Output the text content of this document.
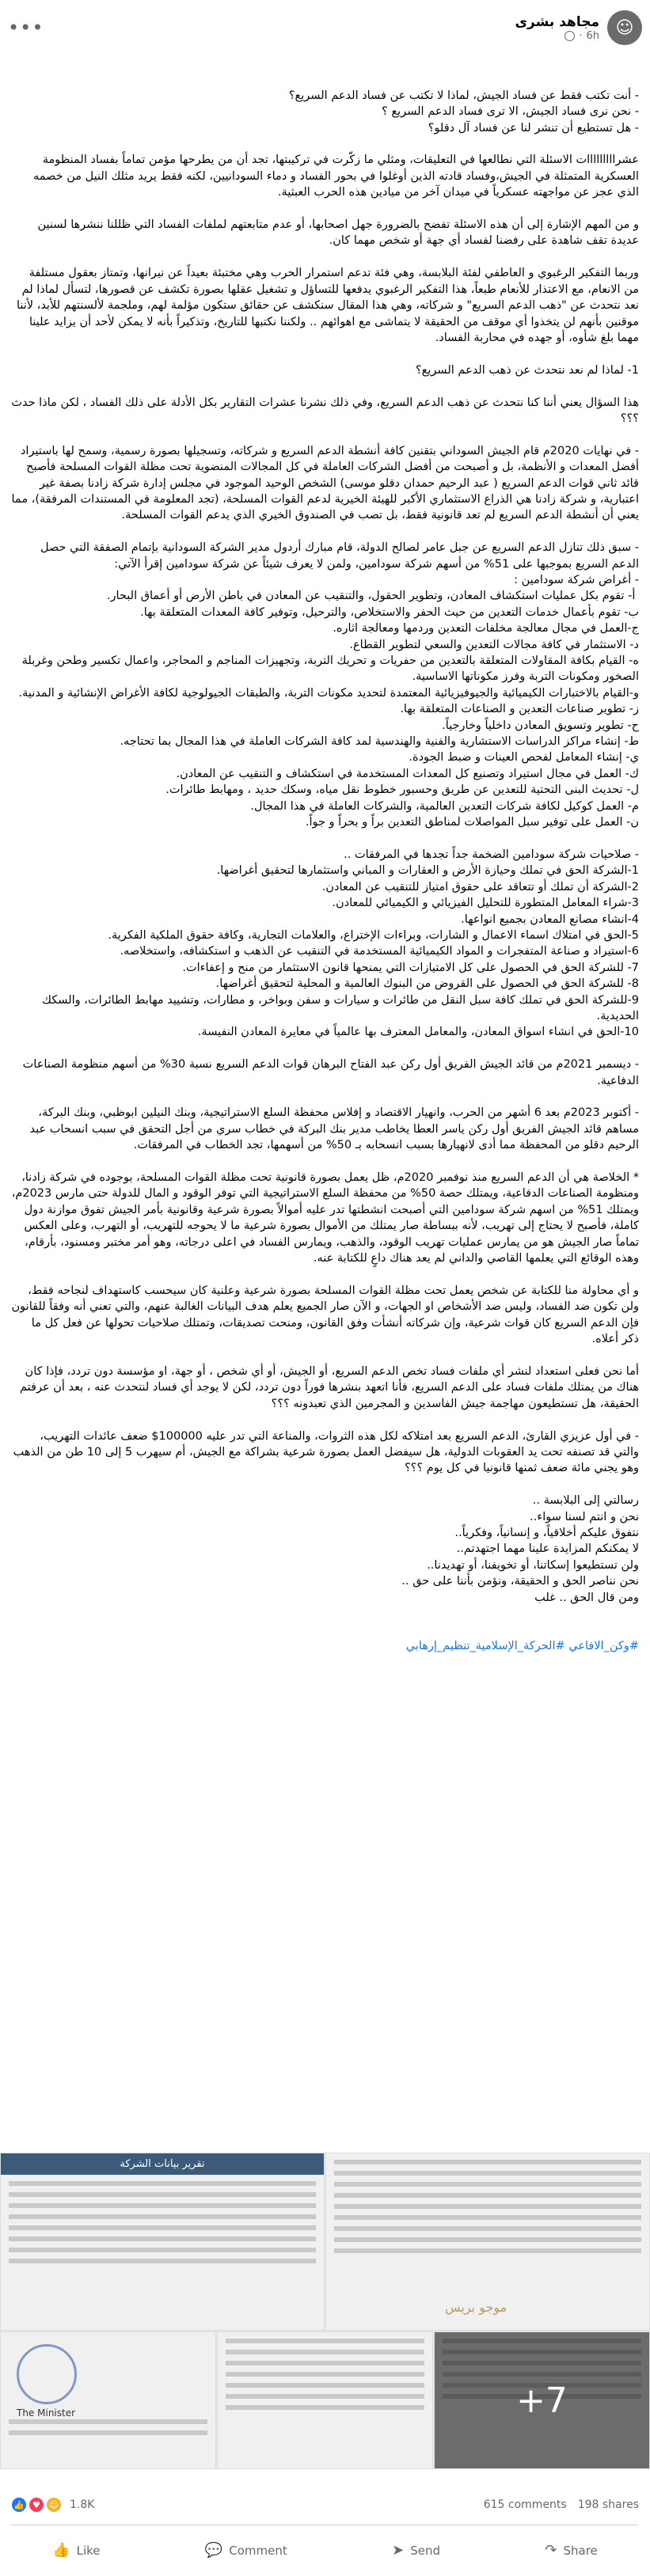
☺
مجاهد بشرى
· 6h
•••

- أنت تكتب فقط عن فساد الجيش، لماذا لا تكتب عن فساد الدعم السريع؟
- نحن نرى فساد الجيش، الا ترى فساد الدعم السريع ؟
- هل تستطيع أن تنشر لنا عن فساد آل دقلو؟

عشرااااااااات الاسئلة التي نطالعها في التعليقات، ومثلي ما زكّرت في تركيبتها، تجد أن من يطرحها مؤمن تماماً بفساد المنظومة العسكرية المتمثلة في الجيش،وفساد قادته الذين أوغلوا في بحور الفساد و دماء السودانيين، لكنه فقط يريد مثلك النيل من خصمه الذي عجز عن مواجهته عسكرياً في ميدان آخر من ميادين هذه الحرب العبثية.

و من المهم الإشارة إلى أن هذه الاسئلة تفضح بالضرورة جهل اصحابها، أو عدم متابعتهم لملفات الفساد التي ظللنا ننشرها لسنين عديدة تقف شاهدة على رفضنا لفساد أي جهة أو شخص مهما كان.

وربما التفكير الرغبوي و العاطفي لفئة البلابسة، وهي فئة تدعم استمرار الحرب وهي مختبئة بعيداً عن نيرانها، وتمتاز بعقول مستلفة من الانعام، مع الاعتذار للأنعام طبعاً، هذا التفكير الرغبوي يدفعها للتساؤل و تشغيل عقلها بصورة تكشف عن قصورها، لتسأل لماذا لم نعد نتحدث عن "ذهب الدعم السريع" و شركاته، وهي هذا المقال سنكشف عن حقائق ستكون مؤلمة لهم، وملجمة لألسنتهم للأبد، لأننا موقنين بأنهم لن يتخذوا أي موقف من الحقيقة لا يتماشى مع اهوائهم .. ولكننا نكتبها للتاريخ، وتذكيراً بأنه لا يمكن لأحد أن يزايد علينا مهما بلغ شأوه، أو جهده في محاربة الفساد.

1- لماذا لم نعد نتحدث عن ذهب الدعم السريع؟

هذا السؤال يعني أننا كنا نتحدث عن ذهب الدعم السريع، وفي ذلك نشرنا عشرات التقارير بكل الأدلة على ذلك الفساد ، لكن ماذا حدث ؟؟؟

- في نهايات 2020م قام الجيش السوداني بتقنين كافة أنشطة الدعم السريع و شركاته، وتسجيلها بصورة رسمية، وسمح لها باستيراد أفضل المعدات و الأنظمة، بل و أصبحت من أفضل الشركات العاملة في كل المجالات المنضوية تحت مظلة القوات المسلحة فأصبح قائد ثاني قوات الدعم السريع ( عبد الرحيم حمدان دقلو موسى) الشخص الوحيد الموجود في مجلس إدارة شركة زادنا بصفة غير اعتبارية، و شركة زادنا هي الذراع الاستثماري الأكبر للهيئة الخيرية لدعم القوات المسلحة، (تجد المعلومة في المستندات المرفقة)، مما يعني أن أنشطة الدعم السريع لم تعد قانونية فقط، بل تصب في الصندوق الخيري الذي يدعم القوات المسلحة.

- سبق ذلك تنازل الدعم السريع عن جبل عامر لصالح الدولة، قام مبارك أردول مدير الشركة السودانية بإتمام الصفقة التي حصل الدعم السريع بموجبها على 51% من أسهم شركة سودامين، ولمن لا يعرف شيئاً عن شركة سودامين إقرأ الآتي:
- أغراض شركة سودامين :
أ- تقوم بكل عمليات استكشاف المعادن، وتطوير الحقول، والتنقيب عن المعادن في باطن الأرض أو أعماق البحار.
ب- تقوم بأعمال خدمات التعدين من حيث الحفر والاستخلاص، والترحيل، وتوفير كافة المعدات المتعلقة بها.
ج-العمل في مجال معالجة مخلفات التعدين وردمها ومعالجة اثاره.
د- الاستثمار في كافة مجالات التعدين والسعي لتطوير القطاع.
ه- القيام بكافة المقاولات المتعلقة بالتعدين من حفريات و تحريك التربة، وتجهيزات المناجم و المحاجر، واعمال تكسير وطحن وغربلة الصخور ومكونات التربة وفرز مكوناتها الاساسية.
و-القيام بالاختبارات الكيميائية والجيوفيزيائية المعتمدة لتحديد مكونات التربة، والطبقات الجيولوجية لكافة الأغراض الإنشائية و المدنية.
ز- تطوير صناعات التعدين و الصناعات المتعلقة بها.
ح- تطوير وتسويق المعادن داخلياً وخارجياً.
ط- إنشاء مراكز الدراسات الاستشارية والفنية والهندسية لمد كافة الشركات العاملة في هذا المجال بما تحتاجه.
ي- إنشاء المعامل لفحص العينات و ضبط الجودة.
ك- العمل في مجال استيراد وتصنيع كل المعدات المستخدمة في استكشاف و التنقيب عن المعادن.
ل- تحديث البنى التحتية للتعدين عن طريق وحسبور خطوط نقل مياه، وسكك حديد ، ومهابط طائرات.
م- العمل كوكيل لكافة شركات التعدين العالمية، والشركات العاملة في هذا المجال.
ن- العمل على توفير سبل المواصلات لمناطق التعدين براً و بحراً و جواً.

- صلاحيات شركة سودامين الضخمة جداً تجدها في المرفقات ..
1-الشركة الحق في تملك وحيازة الأرض و العقارات و المباني واستثمارها لتحقيق أغراضها.
2-الشركة أن تملك أو تتعاقد على حقوق امتياز للتنقيب عن المعادن.
3-شراء المعامل المتطورة للتحليل الفيزيائي و الكيميائي للمعادن.
4-انشاء مصانع المعادن بجميع انواعها.
5-الحق في امتلاك اسماء الاعمال و الشارات، وبراءات الإختراع، والعلامات التجارية، وكافة حقوق الملكية الفكرية.
6-استيراد و صناعة المتفجرات و المواد الكيميائية المستخدمة في التنقيب عن الذهب و استكشافه، واستخلاصه.
7- للشركة الحق في الحصول على كل الامتيازات التي يمنحها قانون الاستثمار من منح و إعفاءات.
8- للشركة الحق في الحصول على القروض من البنوك العالمية و المحلية لتحقيق أغراضها.
9-للشركة الحق في تملك كافة سبل النقل من طائرات و سيارات و سفن وبواخر، و مطارات، وتشييد مهابط الطائرات، والسكك الحديدية.
10-الحق في انشاء اسواق المعادن، والمعامل المعترف بها عالمياً في معايرة المعادن النفيسة.

- ديسمبر 2021م من قائد الجيش الفريق أول ركن عبد الفتاح البرهان قوات الدعم السريع نسبة 30% من أسهم منظومة الصناعات الدفاعية.

- أكتوبر 2023م بعد 6 أشهر من الحرب، وانهيار الاقتصاد و إفلاس محفظة السلع الاستراتيجية، وبنك النيلين ابوظبي، وبنك البركة، مساهم قائد الجيش الفريق أول ركن ياسر العطا يخاطب مدير بنك البركة في خطاب سري من أجل التحقق في سبب انسحاب عبد الرحيم دقلو من المحفظة مما أدى لانهيارها بسبب انسحابه بـ 50% من أسهمها، تجد الخطاب في المرفقات.

* الخلاصة هي أن الدعم السريع منذ نوفمبر 2020م، ظل يعمل بصورة قانونية تحت مظلة القوات المسلحة، بوجوده في شركة زادنا، ومنظومة الصناعات الدفاعية، ويمتلك حصة 50% من محفظة السلع الاستراتيجية التي توفر الوقود و المال للدولة حتى مارس 2023م، ويمتلك 51% من اسهم شركة سودامين التي أصبحت انشطتها تدر عليه أموالاً بصورة شرعية وقانونية بأمر الجيش تفوق موازنة دول كاملة، فأصبح لا يحتاج إلى تهريب، لأنه ببساطة صار يمتلك من الأموال بصورة شرعية ما لا يحوجه للتهريب، أو التهرب، وعلى العكس تماماً صار الجيش هو من يمارس عمليات تهريب الوقود، والذهب، ويمارس الفساد في اعلى درجاته، وهو أمر مختبر ومسنود، بأرقام، وهذه الوقائع التي يعلمها القاصي والداني لم يعد هناك داعٍ للكتابة عنه.

و أي محاولة منا للكتابة عن شخص يعمل تحت مظلة القوات المسلحة بصورة شرعية وعلنية كان سيحسب كاستهداف لنجاحه فقط، ولن تكون ضد الفساد، وليس ضد الأشخاص او الجهات، و الآن صار الجميع يعلم هدف البيانات الغالبة عنهم، والتي تعني أنه وفقاً للقانون فإن الدعم السريع كان قوات شرعية، وإن شركاته أنشأت وفق القانون، ومنحت تصديقات، وتمتلك صلاحيات تحولها عن فعل كل ما ذكر أعلاه.

أما نحن فعلى استعداد لنشر أي ملفات فساد تخص الدعم السريع، أو الجيش، أو أي شخص ، أو جهة، او مؤسسة دون تردد، فإذا كان هناك من يمتلك ملفات فساد على الدعم السريع، فأنا اتعهد بنشرها فوراً دون تردد، لكن لا يوجد أي فساد لنتحدث عنه ، بعد أن عرفتم الحقيقة، هل تستطيعون مهاجمة جيش الفاسدين و المجرمين الذي تعبدونه ؟؟؟

- في أول عزيزي القارئ، الدعم السريع بعد امتلاكه لكل هذه الثروات، والمناعة التي تدر عليه 100000$ ضعف عائدات التهريب، والتي قد تصنفه تحت يد العقوبات الدولية، هل سيفضل العمل بصورة شرعية بشراكة مع الجيش، أم سيهرب 5 إلى 10 طن من الذهب وهو يجني مائة ضعف ثمنها قانونيا في كل يوم ؟؟؟

رسالتي إلى البلابسة ..
نحن و انتم لسنا سواء..
نتفوق عليكم أخلاقياً، و إنسانياً، وفكرياً..
لا يمكنكم المزايدة علينا مهما اجتهدتم..
ولن تستطيعوا إسكاتنا، أو تخويفنا، أو تهديدنا..
نحن نناصر الحق و الحقيقة، ونؤمن بأننا على حق ..
ومن قال الحق .. غلب

#وكن_الافاعي #الحركة_الإسلامية_تنظيم_إرهابي

تقرير بيانات الشركة
موجو بريس
The Minister	+7
👍 ♥	☺	1.8K	615 comments 198 shares
👍 Like	💬 Comment	➤ Send	↷ Share
